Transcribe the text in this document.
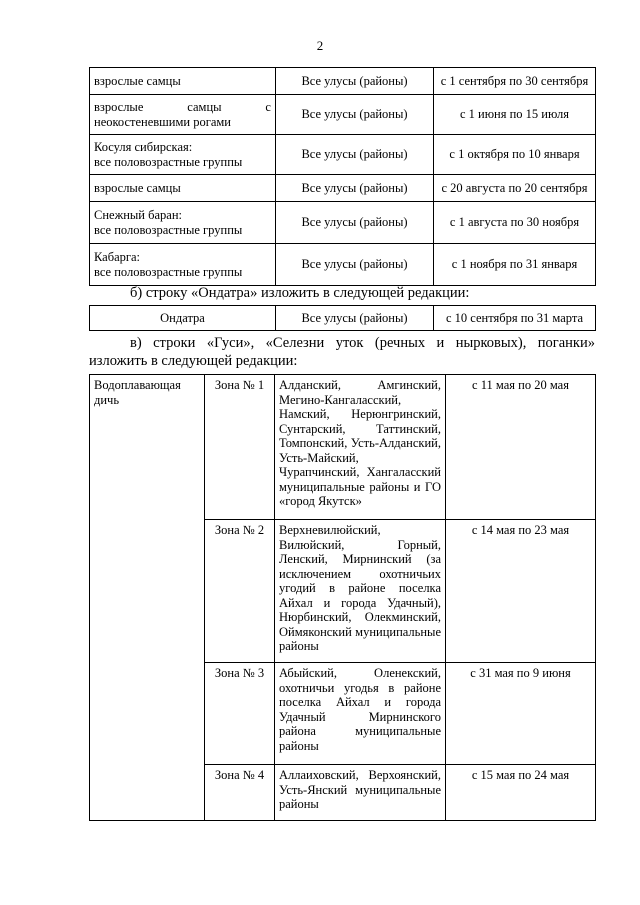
2
взрослые самцы	Все улусы (районы)	с 1 сентября по 30 сентября

взрослые самцы с
неокостеневшими рогами	Все улусы (районы)	с 1 июня по 15 июля

Косуля сибирская:
все половозрастные группы	Все улусы (районы)	с 1 октября по 10 января
взрослые самцы	Все улусы (районы)	с 20 августа по 20 сентября

Снежный баран:
все половозрастные группы	Все улусы (районы)	с 1 августа по 30 ноября

Кабарга:
все половозрастные группы	Все улусы (районы)	с 1 ноября по 31 января
б) строку «Ондатра» изложить в следующей редакции:
Ондатра	Все улусы (районы)	с 10 сентября по 31 марта
в) строки «Гуси», «Селезни уток (речных и нырковых), поганки»
изложить в следующей редакции:
Водоплавающая
дичь	Зона № 1	Алданский, Амгинский, Мегино-Кангаласский, Намский, Нерюнгринский, Сунтарский, Таттинский, Томпонский, Усть-Алданский, Усть-Майский, Чурапчинский, Хангаласский муниципальные районы и ГО «город Якутск»	с 11 мая по 20 мая
	Зона № 2	Верхневилюйский, Вилюйский, Горный, Ленский, Мирнинский (за исключением охотничьих угодий в районе поселка Айхал и города Удачный), Нюрбинский, Олекминский, Оймяконский муниципальные районы	с 14 мая по 23 мая
	Зона № 3	Абыйский, Оленекский, охотничьи угодья в районе поселка Айхал и города Удачный Мирнинского района муниципальные районы	с 31 мая по 9 июня
	Зона № 4	Аллаиховский, Верхоянский, Усть-Янский муниципальные районы	с 15 мая по 24 мая
